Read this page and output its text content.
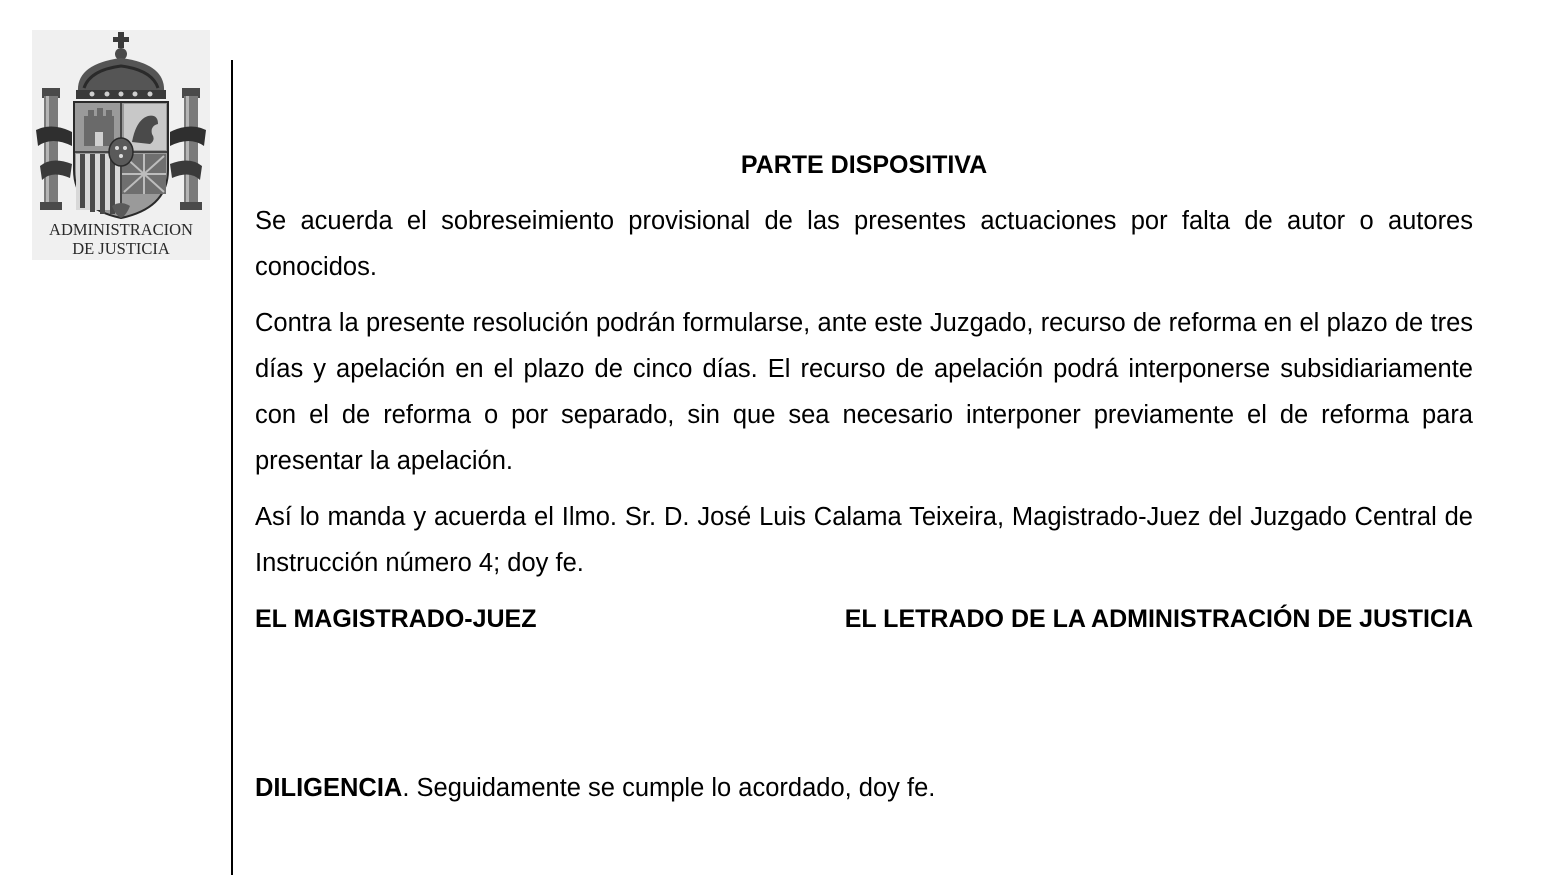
ADMINISTRACION
DE JUSTICIA
PARTE DISPOSITIVA

Se acuerda el sobreseimiento provisional de las presentes actuaciones por falta de autor o autores conocidos.

Contra la presente resolución podrán formularse, ante este Juzgado, recurso de reforma en el plazo de tres días y apelación en el plazo de cinco días. El recurso de apelación podrá interponerse subsidiariamente con el de reforma o por separado, sin que sea necesario interponer previamente el de reforma para presentar la apelación.

Así lo manda y acuerda el Ilmo. Sr. D. José Luis Calama Teixeira, Magistrado-Juez del Juzgado Central de Instrucción número 4; doy fe.

EL MAGISTRADO-JUEZ	EL LETRADO DE LA ADMINISTRACIÓN DE JUSTICIA
DILIGENCIA. Seguidamente se cumple lo acordado, doy fe.
